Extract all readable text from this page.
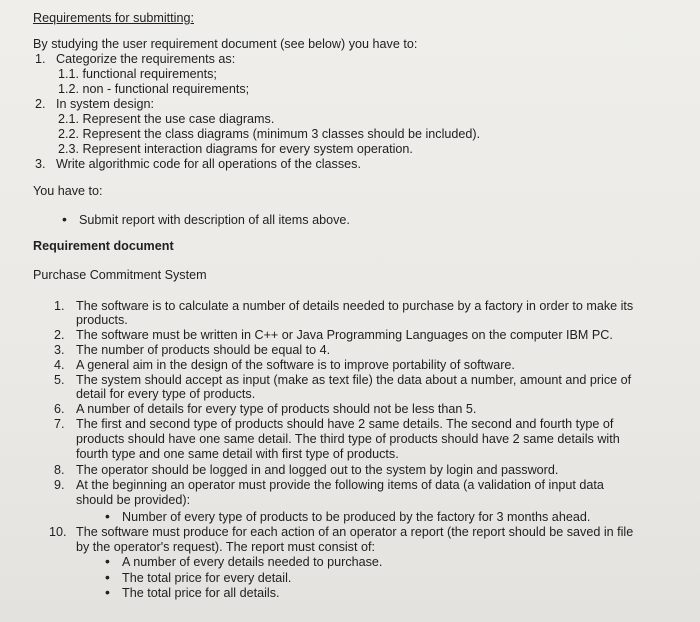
Requirements for submitting:
By studying the user requirement document (see below) you have to:
1. Categorize the requirements as:
1.1. functional requirements;
1.2. non - functional requirements;
2. In system design:
2.1. Represent the use case diagrams.
2.2. Represent the class diagrams (minimum 3 classes should be included).
2.3. Represent interaction diagrams for every system operation.
3. Write algorithmic code for all operations of the classes.
You have to:
• Submit report with description of all items above.
Requirement document
Purchase Commitment System
1. The software is to calculate a number of details needed to purchase by a factory in order to make its
products.
2. The software must be written in C++ or Java Programming Languages on the computer IBM PC.
3. The number of products should be equal to 4.
4. A general aim in the design of the software is to improve portability of software.
5. The system should accept as input (make as text file) the data about a number, amount and price of
detail for every type of products.
6. A number of details for every type of products should not be less than 5.
7. The first and second type of products should have 2 same details. The second and fourth type of
products should have one same detail. The third type of products should have 2 same details with
fourth type and one same detail with first type of products.
8. The operator should be logged in and logged out to the system by login and password.
9. At the beginning an operator must provide the following items of data (a validation of input data
should be provided):
• Number of every type of products to be produced by the factory for 3 months ahead.
10. The software must produce for each action of an operator a report (the report should be saved in file
by the operator's request). The report must consist of:
• A number of every details needed to purchase.
• The total price for every detail.
• The total price for all details.
